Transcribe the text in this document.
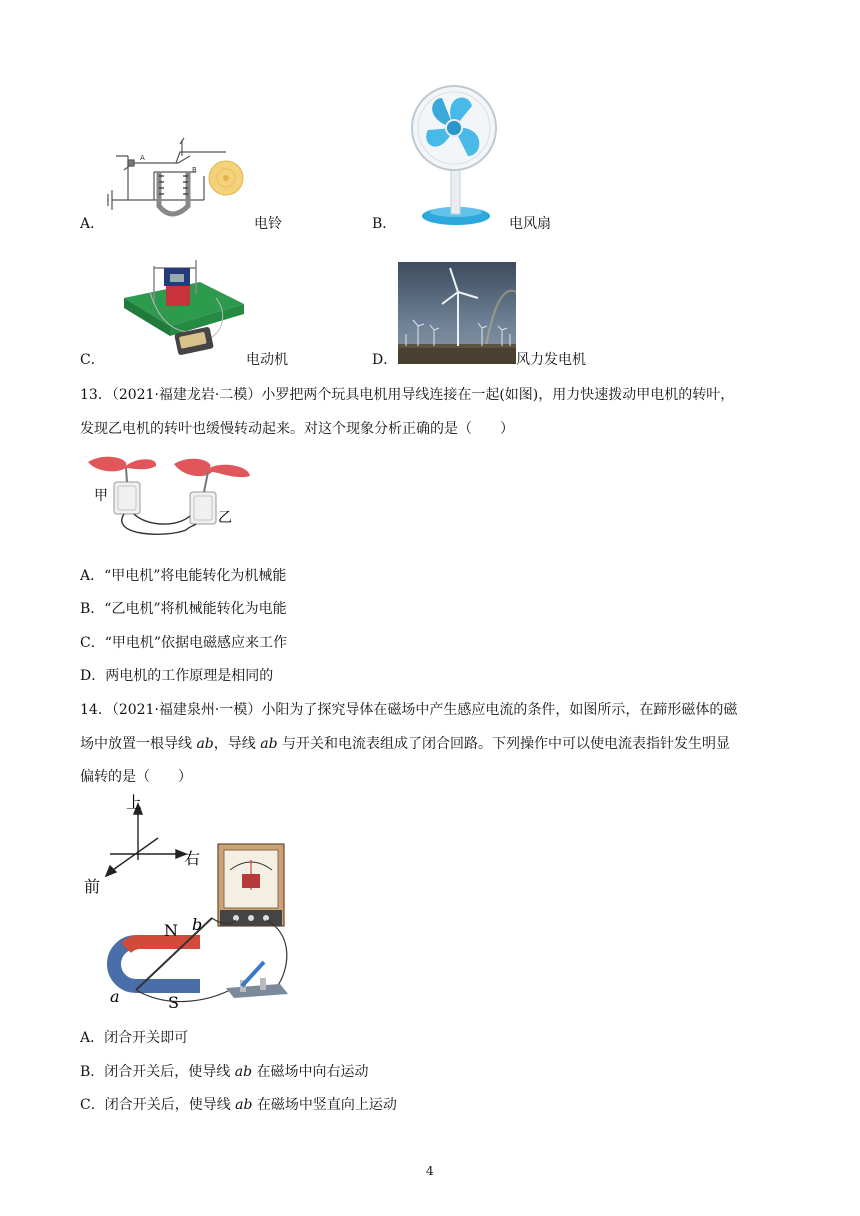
A
B
A．	电铃	B．	电风扇
C．	电动机	D．	风力发电机
13．（2021·福建龙岩·二模）小罗把两个玩具电机用导线连接在一起(如图)，用力快速拨动甲电机的转叶，
发现乙电机的转叶也缓慢转动起来。对这个现象分析正确的是（　　）
甲
乙
A．“甲电机”将电能转化为机械能
B．“乙电机”将机械能转化为电能
C．“甲电机”依据电磁感应来工作
D．两电机的工作原理是相同的
14．（2021·福建泉州·一模）小阳为了探究导体在磁场中产生感应电流的条件，如图所示，在蹄形磁体的磁
场中放置一根导线 ab，导线 ab 与开关和电流表组成了闭合回路。下列操作中可以使电流表指针发生明显
偏转的是（　　）
上
右
前
N
S
b
a
A．闭合开关即可
B．闭合开关后，使导线 ab 在磁场中向右运动
C．闭合开关后，使导线 ab 在磁场中竖直向上运动
4
